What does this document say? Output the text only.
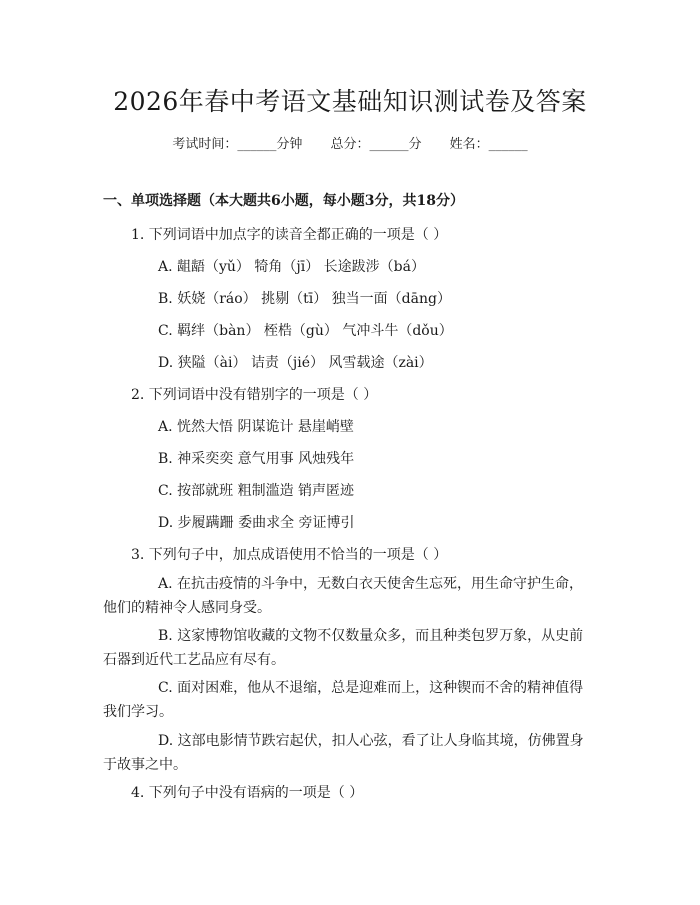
2026年春中考语文基础知识测试卷及答案
考试时间：______分钟 总分：______分 姓名：______
一、单项选择题（本大题共6小题，每小题3分，共18分）
1. 下列词语中加点字的读音全都正确的一项是（ ）
A. 龃龉（yǔ） 犄角（jī） 长途跋涉（bá）
B. 妖娆（ráo） 挑剔（tī） 独当一面（dāng）
C. 羁绊（bàn） 桎梏（gù） 气冲斗牛（dǒu）
D. 狭隘（ài） 诘责（jié） 风雪载途（zài）
2. 下列词语中没有错别字的一项是（ ）
A. 恍然大悟 阴谋诡计 悬崖峭壁
B. 神采奕奕 意气用事 风烛残年
C. 按部就班 粗制滥造 销声匿迹
D. 步履蹒跚 委曲求全 旁证博引
3. 下列句子中，加点成语使用不恰当的一项是（ ）
A. 在抗击疫情的斗争中，无数白衣天使舍生忘死，用生命守护生命，他们的精神令人感同身受。
B. 这家博物馆收藏的文物不仅数量众多，而且种类包罗万象，从史前石器到近代工艺品应有尽有。
C. 面对困难，他从不退缩，总是迎难而上，这种锲而不舍的精神值得我们学习。
D. 这部电影情节跌宕起伏，扣人心弦，看了让人身临其境，仿佛置身于故事之中。
4. 下列句子中没有语病的一项是（ ）
